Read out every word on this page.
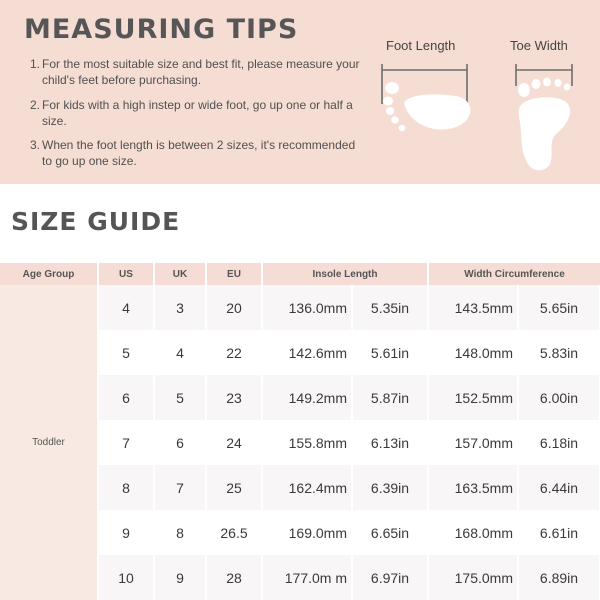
MEASURING TIPS
1. For the most suitable size and best fit, please measure your child's feet before purchasing.
2. For kids with a high instep or wide foot, go up one or half a size.
3. When the foot length is between 2 sizes, it's recommended to go up one size.
Foot Length	Toe Width
SIZE GUIDE
Age Group	US	UK	EU	Insole Length		Width Circumference	
Toddler	4	3	20	136.0mm	5.35in	143.5mm	5.65in
	5	4	22	142.6mm	5.61in	148.0mm	5.83in
	6	5	23	149.2mm	5.87in	152.5mm	6.00in
	7	6	24	155.8mm	6.13in	157.0mm	6.18in
	8	7	25	162.4mm	6.39in	163.5mm	6.44in
	9	8	26.5	169.0mm	6.65in	168.0mm	6.61in
	10	9	28	177.0m m	6.97in	175.0mm	6.89in
